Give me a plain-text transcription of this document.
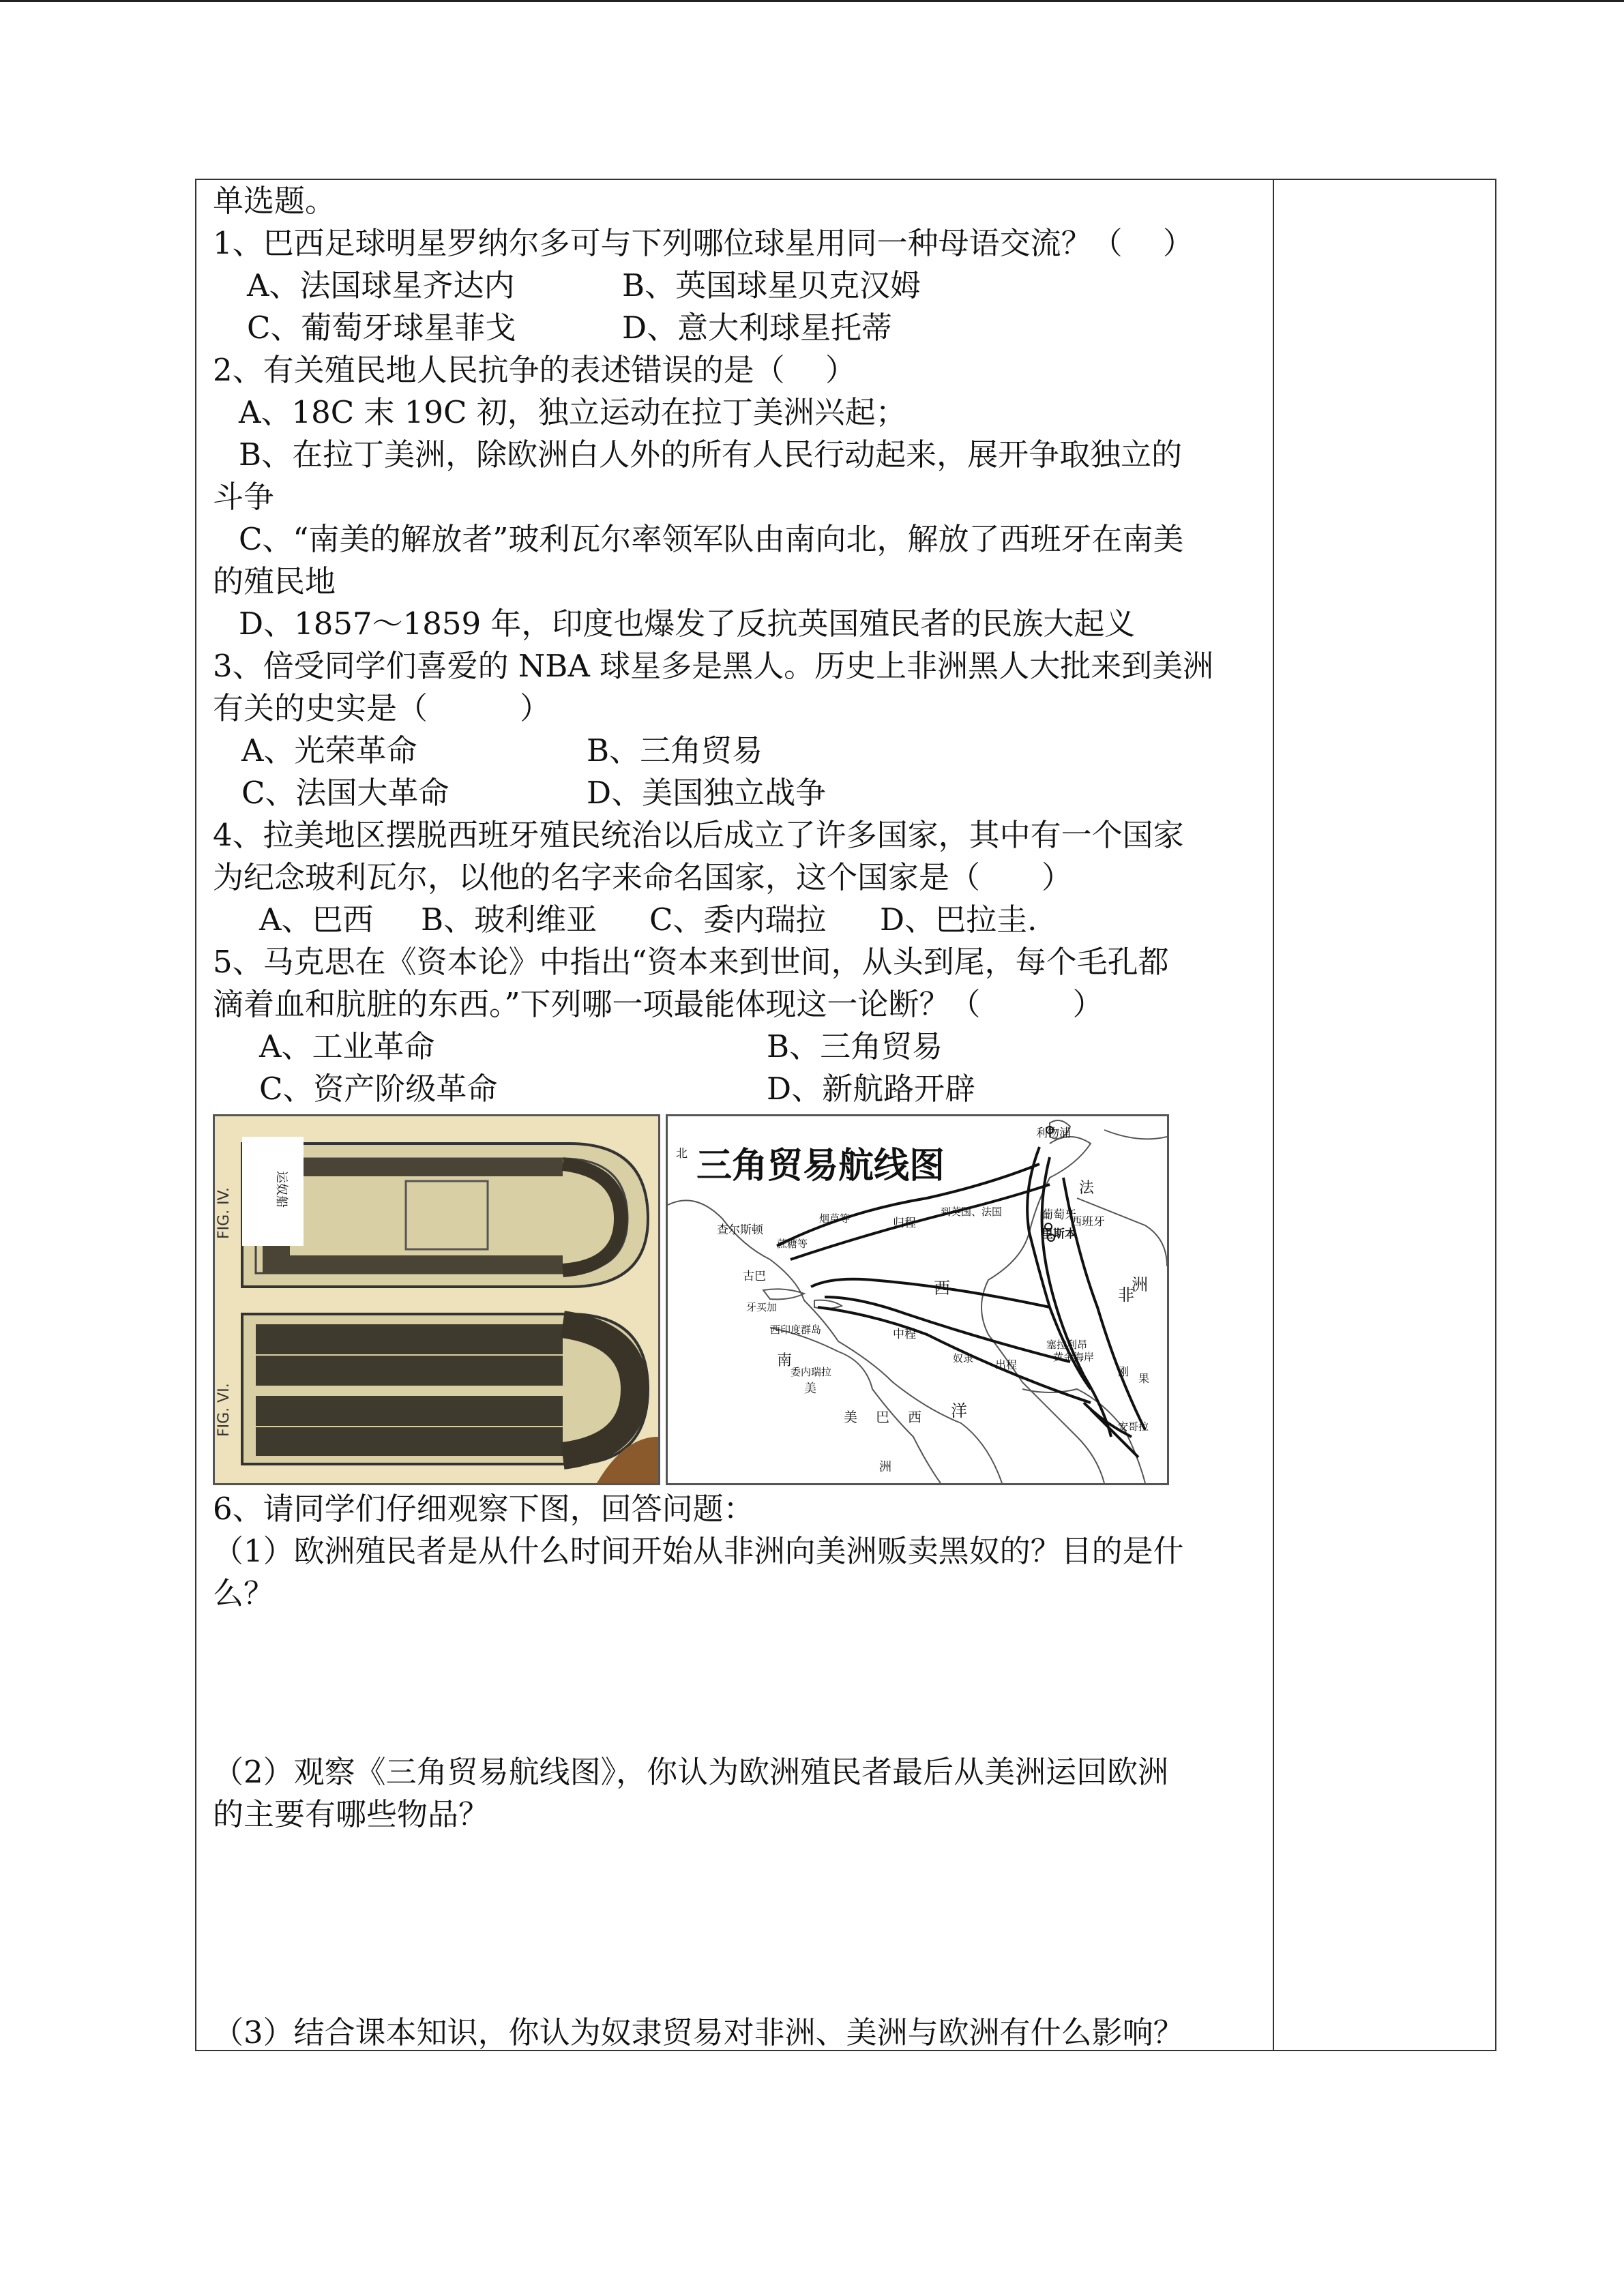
单选题。
1、巴西足球明星罗纳尔多可与下列哪位球星用同一种母语交流？（　 ）
A、法国球星齐达内	B、英国球星贝克汉姆
C、葡萄牙球星菲戈	D、意大利球星托蒂
2、有关殖民地人民抗争的表述错误的是（　 ）
A、18C 末 19C 初，独立运动在拉丁美洲兴起；
B、在拉丁美洲，除欧洲白人外的所有人民行动起来，展开争取独立的
斗争
C、“南美的解放者”玻利瓦尔率领军队由南向北，解放了西班牙在南美
的殖民地
D、1857～1859 年，印度也爆发了反抗英国殖民者的民族大起义
3、倍受同学们喜爱的 NBA 球星多是黑人。历史上非洲黑人大批来到美洲
有关的史实是（　　　）
A、光荣革命	B、三角贸易
C、法国大革命	D、美国独立战争
4、拉美地区摆脱西班牙殖民统治以后成立了许多国家，其中有一个国家
为纪念玻利瓦尔，以他的名字来命名国家，这个国家是（　　）
A、巴西 B、玻利维亚 C、委内瑞拉 D、巴拉圭.
5、马克思在《资本论》中指出“资本来到世间，从头到尾，每个毛孔都
滴着血和肮脏的东西。”下列哪一项最能体现这一论断？（　　　）
A、工业革命	B、三角贸易
C、资产阶级革命	D、新航路开辟
FIG. IV.
FIG. VI.
运奴船
三角贸易航线图
北
利物浦
法
葡萄牙
西班牙
里斯本
查尔斯顿
烟草等	归程
到英国、法国
蔗糖等
古巴
牙买加
西印度群岛
西
中程
非
洲
出程
塞拉利昂
黄金海岸
奴隶
委内瑞拉
南
美
洋
美 巴 西
刚
果
安哥拉
洲
6、请同学们仔细观察下图，回答问题：
（1）欧洲殖民者是从什么时间开始从非洲向美洲贩卖黑奴的？目的是什
么？
（2）观察《三角贸易航线图》，你认为欧洲殖民者最后从美洲运回欧洲
的主要有哪些物品？
（3）结合课本知识，你认为奴隶贸易对非洲、美洲与欧洲有什么影响？
